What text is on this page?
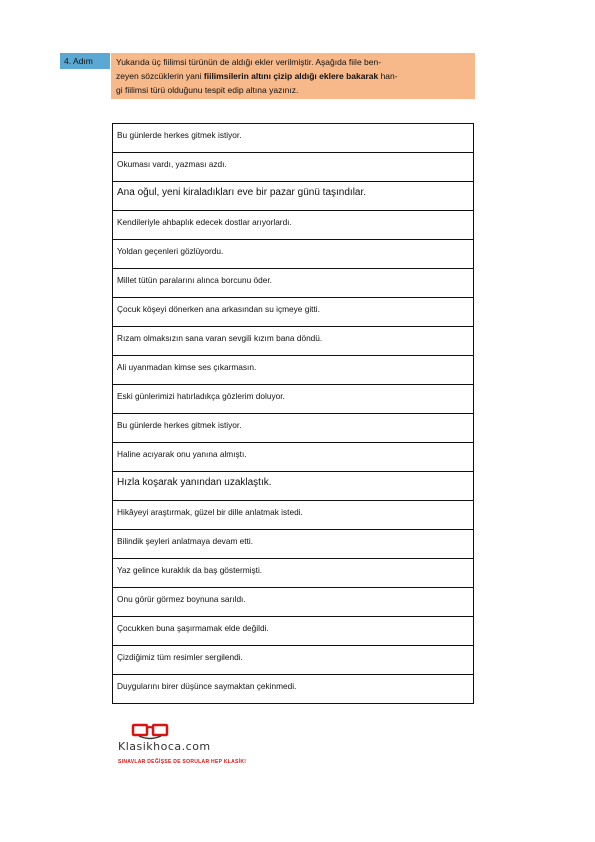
4. Adım	Yukarıda üç fiilimsi türünün de aldığı ekler verilmiştir. Aşağıda fiile ben-
zeyen sözcüklerin yani fiilimsilerin altını çizip aldığı eklere bakarak han-
gi fiilimsi türü olduğunu tespit edip altına yazınız.
Bu günlerde herkes gitmek istiyor.
Okuması vardı, yazması azdı.
Ana oğul, yeni kiraladıkları eve bir pazar günü taşındılar.
Kendileriyle ahbaplık edecek dostlar arıyorlardı.
Yoldan geçenleri gözlüyordu.
Millet tütün paralarını alınca borcunu öder.
Çocuk köşeyi dönerken ana arkasından su içmeye gitti.
Rızam olmaksızın sana varan sevgili kızım bana döndü.
Ali uyanmadan kimse ses çıkarmasın.
Eski günlerimizi hatırladıkça gözlerim doluyor.
Bu günlerde herkes gitmek istiyor.
Haline acıyarak onu yanına almıştı.
Hızla koşarak yanından uzaklaştık.
Hikâyeyi araştırmak, güzel bir dille anlatmak istedi.
Bilindik şeyleri anlatmaya devam etti.
Yaz gelince kuraklık da baş göstermişti.
Onu görür görmez boynuna sarıldı.
Çocukken buna şaşırmamak elde değildi.
Çizdiğimiz tüm resimler sergilendi.
Duygularını birer düşünce saymaktan çekinmedi.
Klasikhoca.com
SINAVLAR DEĞİŞSE DE SORULAR HEP KLASİK!
